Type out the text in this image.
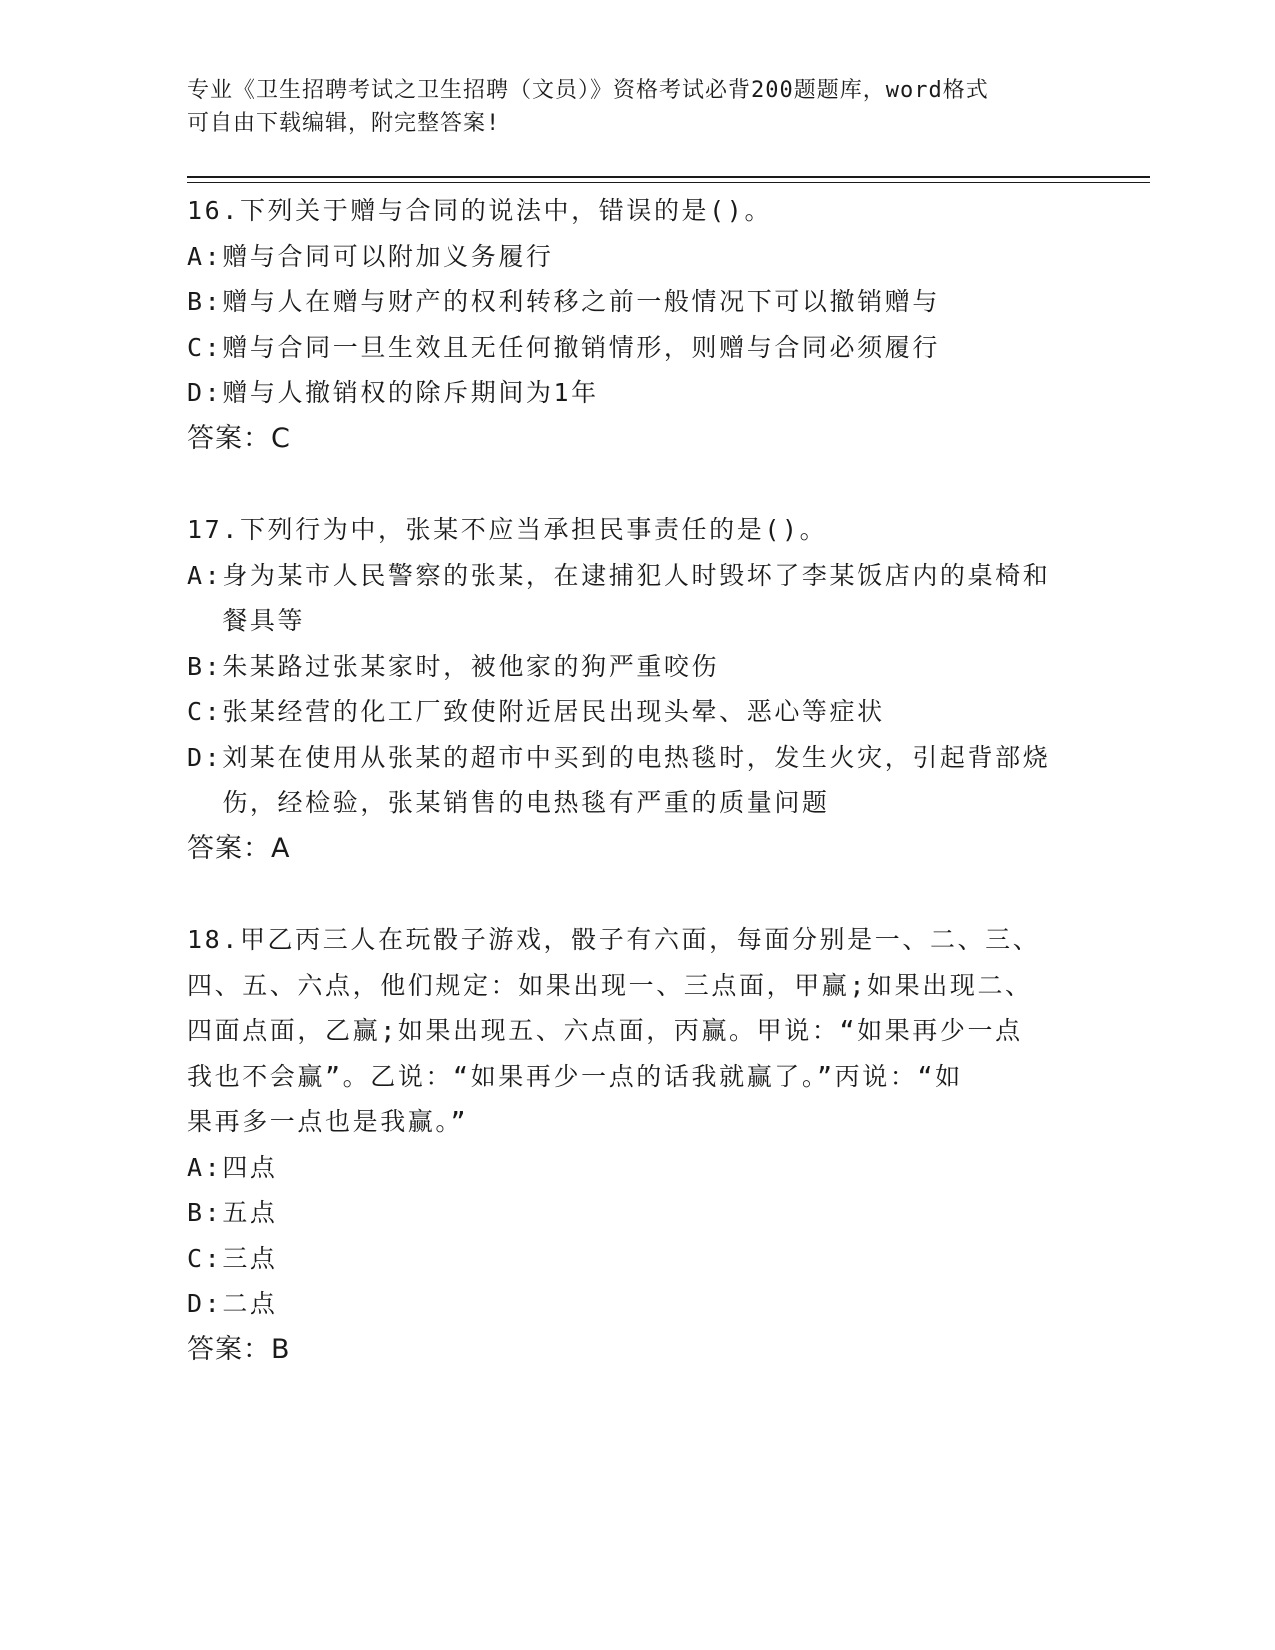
专业《卫生招聘考试之卫生招聘（文员）》资格考试必背200题题库，word格式
可自由下载编辑，附完整答案!
16.下列关于赠与合同的说法中，错误的是()。
A: 赠与合同可以附加义务履行
B: 赠与人在赠与财产的权利转移之前一般情况下可以撤销赠与
C: 赠与合同一旦生效且无任何撤销情形，则赠与合同必须履行
D: 赠与人撤销权的除斥期间为1年
答案：C
17.下列行为中，张某不应当承担民事责任的是()。
A: 身为某市人民警察的张某，在逮捕犯人时毁坏了李某饭店内的桌椅和餐具等
B: 朱某路过张某家时，被他家的狗严重咬伤
C: 张某经营的化工厂致使附近居民出现头晕、恶心等症状
D: 刘某在使用从张某的超市中买到的电热毯时，发生火灾，引起背部烧伤，经检验，张某销售的电热毯有严重的质量问题
答案：A
18.甲乙丙三人在玩骰子游戏，骰子有六面，每面分别是一、二、三、
四、五、六点，他们规定：如果出现一、三点面，甲赢;如果出现二、
四面点面，乙赢;如果出现五、六点面，丙赢。甲说：“如果再少一点
我也不会赢”。乙说：“如果再少一点的话我就赢了。”丙说：“如
果再多一点也是我赢。”
A: 四点
B: 五点
C: 三点
D: 二点
答案：B
